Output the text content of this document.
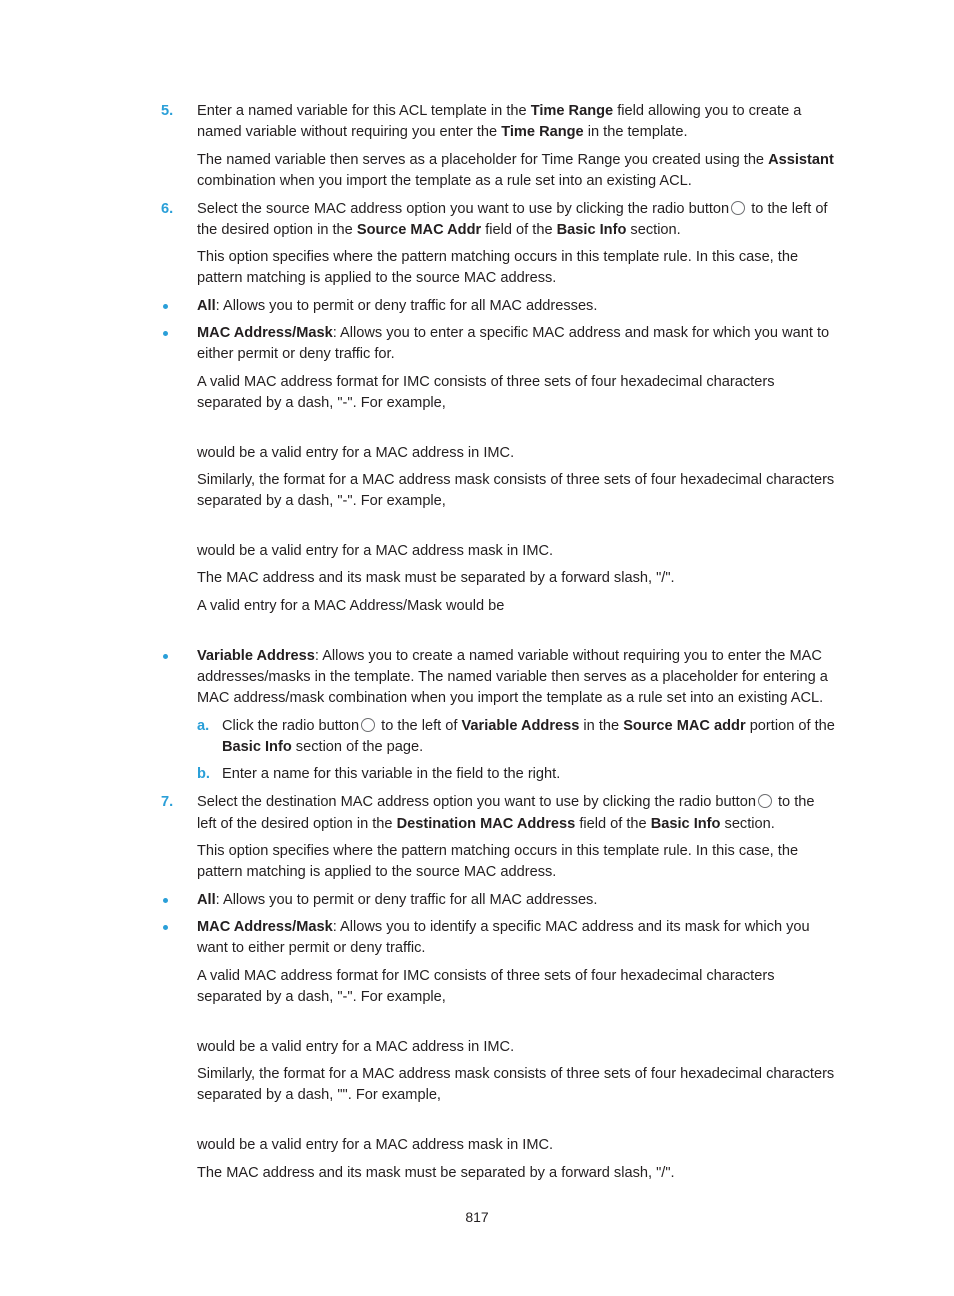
5. Enter a named variable for this ACL template in the Time Range field allowing you to create a
named variable without requiring you enter the Time Range in the template.
The named variable then serves as a placeholder for Time Range you created using the Assistant
combination when you import the template as a rule set into an existing ACL.
6. Select the source MAC address option you want to use by clicking the radio button to the left of
the desired option in the Source MAC Addr field of the Basic Info section.
This option specifies where the pattern matching occurs in this template rule. In this case, the
pattern matching is applied to the source MAC address.
All: Allows you to permit or deny traffic for all MAC addresses.
MAC Address/Mask: Allows you to enter a specific MAC address and mask for which you want to
either permit or deny traffic for.
A valid MAC address format for IMC consists of three sets of four hexadecimal characters
separated by a dash, "-". For example,
would be a valid entry for a MAC address in IMC.
Similarly, the format for a MAC address mask consists of three sets of four hexadecimal characters
separated by a dash, "-". For example,
would be a valid entry for a MAC address mask in IMC.
The MAC address and its mask must be separated by a forward slash, "/".
A valid entry for a MAC Address/Mask would be
Variable Address: Allows you to create a named variable without requiring you to enter the MAC
addresses/masks in the template. The named variable then serves as a placeholder for entering a
MAC address/mask combination when you import the template as a rule set into an existing ACL.
a. Click the radio button to the left of Variable Address in the Source MAC addr portion of the
Basic Info section of the page.
b. Enter a name for this variable in the field to the right.
7. Select the destination MAC address option you want to use by clicking the radio button to the
left of the desired option in the Destination MAC Address field of the Basic Info section.
This option specifies where the pattern matching occurs in this template rule. In this case, the
pattern matching is applied to the source MAC address.
All: Allows you to permit or deny traffic for all MAC addresses.
MAC Address/Mask: Allows you to identify a specific MAC address and its mask for which you
want to either permit or deny traffic.
A valid MAC address format for IMC consists of three sets of four hexadecimal characters
separated by a dash, "-". For example,
would be a valid entry for a MAC address in IMC.
Similarly, the format for a MAC address mask consists of three sets of four hexadecimal characters
separated by a dash, "". For example,
would be a valid entry for a MAC address mask in IMC.
The MAC address and its mask must be separated by a forward slash, "/".
817
